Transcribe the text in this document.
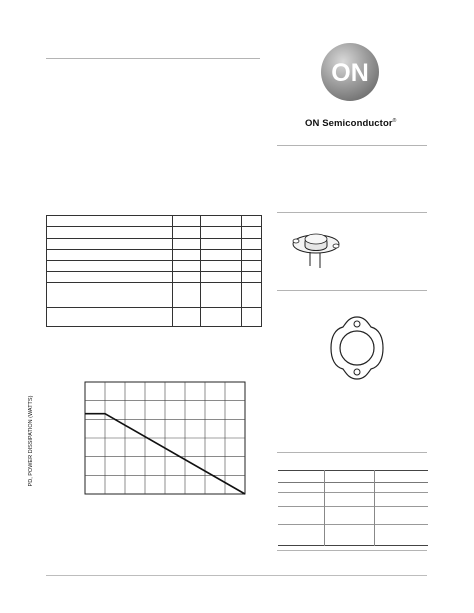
ON
ON Semiconductor®
PD, POWER DISSIPATION (WATTS)
